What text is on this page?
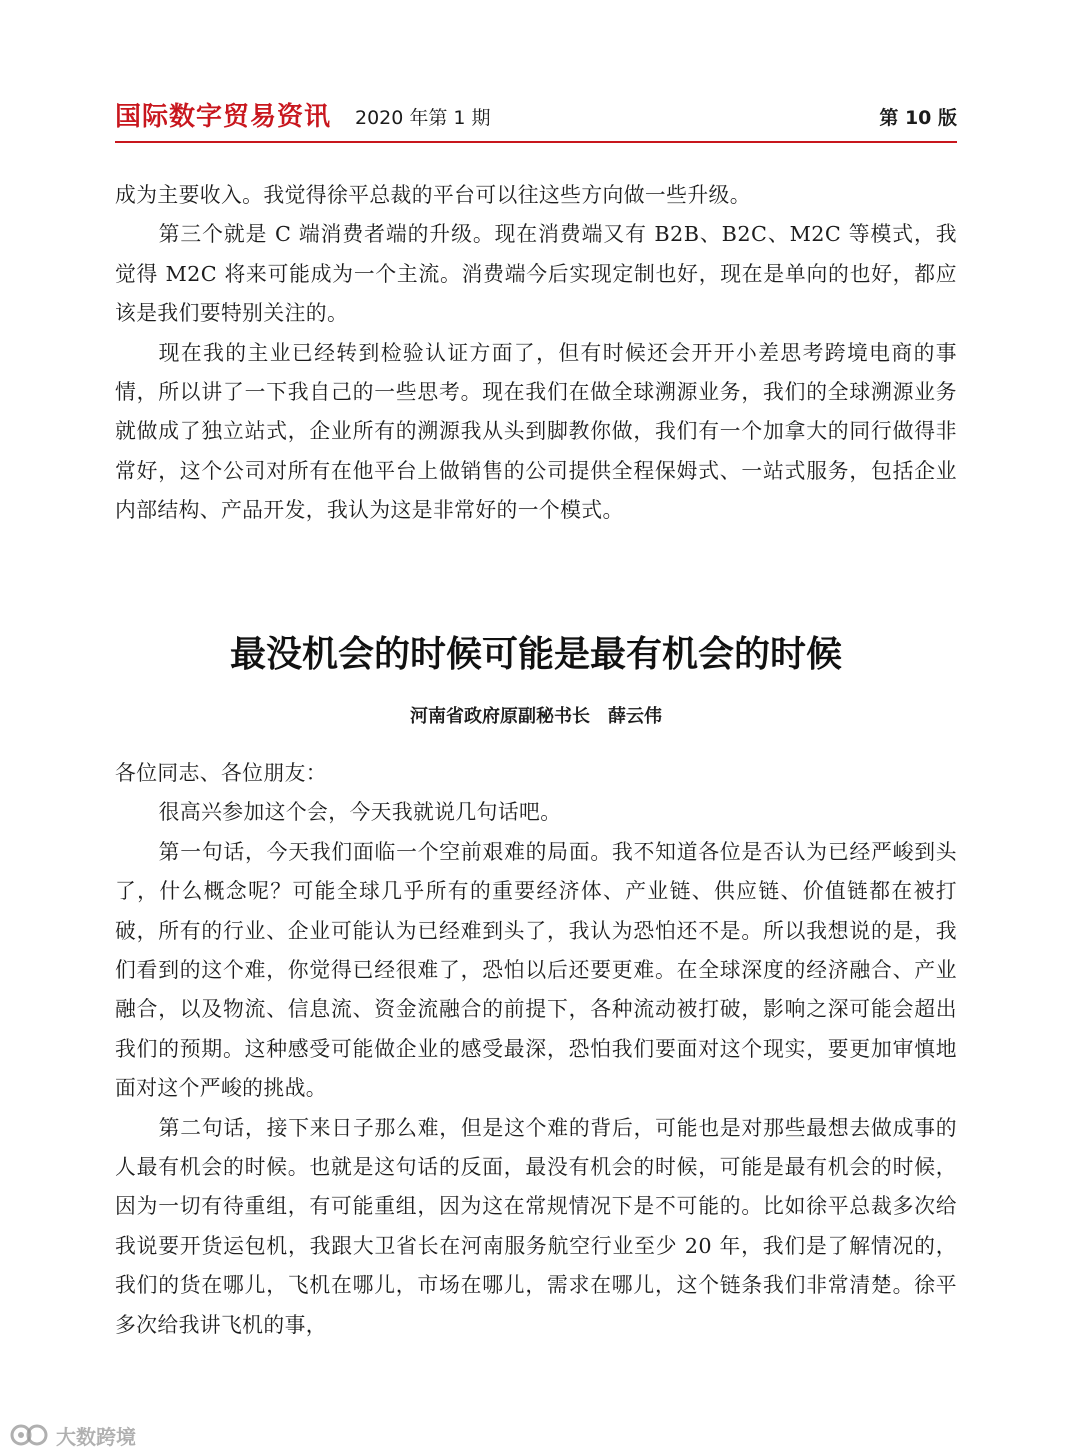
国际数字贸易资讯 2020 年第 1 期	第 10 版

成为主要收入。我觉得徐平总裁的平台可以往这些方向做一些升级。

第三个就是 C 端消费者端的升级。现在消费端又有 B2B、B2C、M2C 等模式，我觉得 M2C 将来可能成为一个主流。消费端今后实现定制也好，现在是单向的也好，都应该是我们要特别关注的。

现在我的主业已经转到检验认证方面了，但有时候还会开开小差思考跨境电商的事情，所以讲了一下我自己的一些思考。现在我们在做全球溯源业务，我们的全球溯源业务就做成了独立站式，企业所有的溯源我从头到脚教你做，我们有一个加拿大的同行做得非常好，这个公司对所有在他平台上做销售的公司提供全程保姆式、一站式服务，包括企业内部结构、产品开发，我认为这是非常好的一个模式。

最没机会的时候可能是最有机会的时候
河南省政府原副秘书长　薛云伟

各位同志、各位朋友：

很高兴参加这个会，今天我就说几句话吧。

第一句话，今天我们面临一个空前艰难的局面。我不知道各位是否认为已经严峻到头了，什么概念呢？可能全球几乎所有的重要经济体、产业链、供应链、价值链都在被打破，所有的行业、企业可能认为已经难到头了，我认为恐怕还不是。所以我想说的是，我们看到的这个难，你觉得已经很难了，恐怕以后还要更难。在全球深度的经济融合、产业融合，以及物流、信息流、资金流融合的前提下，各种流动被打破，影响之深可能会超出我们的预期。这种感受可能做企业的感受最深，恐怕我们要面对这个现实，要更加审慎地面对这个严峻的挑战。

第二句话，接下来日子那么难，但是这个难的背后，可能也是对那些最想去做成事的人最有机会的时候。也就是这句话的反面，最没有机会的时候，可能是最有机会的时候，因为一切有待重组，有可能重组，因为这在常规情况下是不可能的。比如徐平总裁多次给我说要开货运包机，我跟大卫省长在河南服务航空行业至少 20 年，我们是了解情况的，我们的货在哪儿，飞机在哪儿，市场在哪儿，需求在哪儿，这个链条我们非常清楚。徐平多次给我讲飞机的事，

大数跨境
